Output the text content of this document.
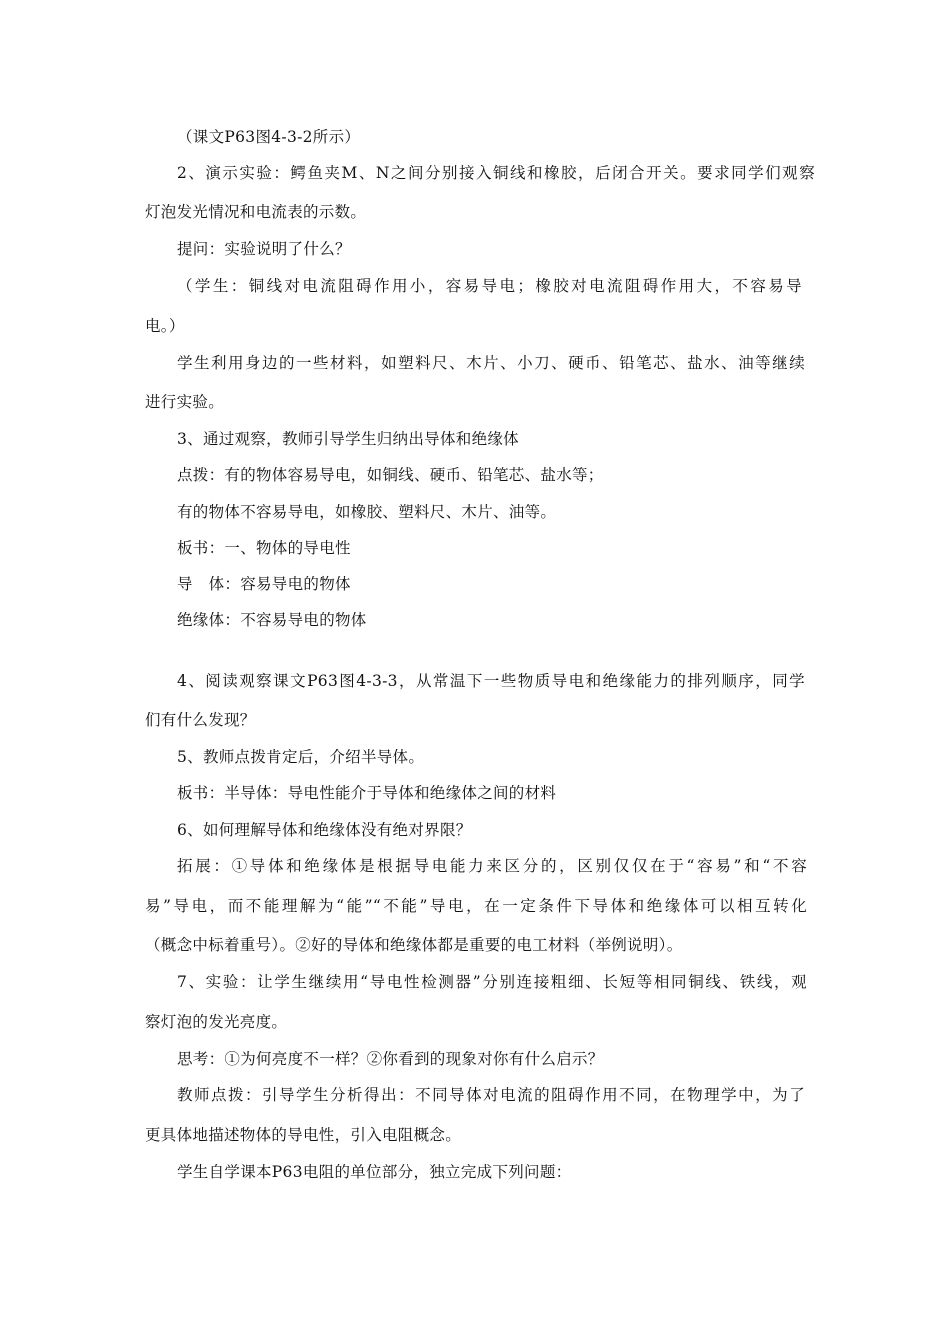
（课文P63图4-3-2所示）
2、演示实验：鳄鱼夹M、N之间分别接入铜线和橡胶，后闭合开关。要求同学们观察
灯泡发光情况和电流表的示数。
提问：实验说明了什么？
（学生：铜线对电流阻碍作用小，容易导电；橡胶对电流阻碍作用大，不容易导
电。）
学生利用身边的一些材料，如塑料尺、木片、小刀、硬币、铅笔芯、盐水、油等继续
进行实验。
3、通过观察，教师引导学生归纳出导体和绝缘体
点拨：有的物体容易导电，如铜线、硬币、铅笔芯、盐水等；
有的物体不容易导电，如橡胶、塑料尺、木片、油等。
板书：一、物体的导电性
导　体：容易导电的物体
绝缘体：不容易导电的物体
4、阅读观察课文P63图4-3-3，从常温下一些物质导电和绝缘能力的排列顺序，同学
们有什么发现？
5、教师点拨肯定后，介绍半导体。
板书：半导体：导电性能介于导体和绝缘体之间的材料
6、如何理解导体和绝缘体没有绝对界限？
拓展：①导体和绝缘体是根据导电能力来区分的，区别仅仅在于“容易”和“不容
易”导电，而不能理解为“能”“不能”导电，在一定条件下导体和绝缘体可以相互转化
（概念中标着重号）。②好的导体和绝缘体都是重要的电工材料（举例说明）。
7、实验：让学生继续用“导电性检测器”分别连接粗细、长短等相同铜线、铁线，观
察灯泡的发光亮度。
思考：①为何亮度不一样？②你看到的现象对你有什么启示？
教师点拨：引导学生分析得出：不同导体对电流的阻碍作用不同，在物理学中，为了
更具体地描述物体的导电性，引入电阻概念。
学生自学课本P63电阻的单位部分，独立完成下列问题：
